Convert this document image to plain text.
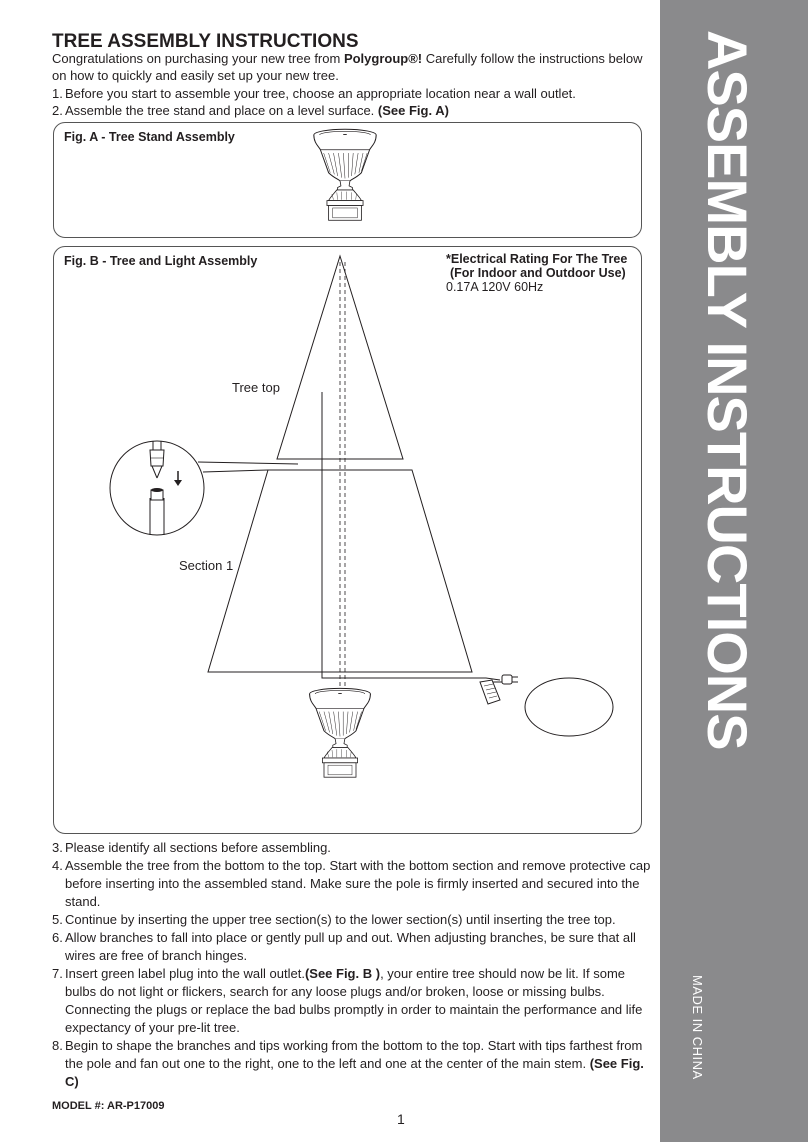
ASSEMBLY INSTRUCTIONS
MADE IN CHINA
TREE ASSEMBLY INSTRUCTIONS
Congratulations on purchasing your new tree from Polygroup®! Carefully follow the instructions below on how to quickly and easily set up your new tree.

1. Before you start to assemble your tree, choose an appropriate location near a wall outlet.

2. Assemble the tree stand and place on a level surface. (See Fig. A)

Fig. A - Tree Stand Assembly
Fig. B - Tree and Light Assembly	*Electrical Rating For The Tree
(For Indoor and Outdoor Use)
0.17A 120V 60Hz
Tree top
Section 1

3. Please identify all sections before assembling.

4. Assemble the tree from the bottom to the top. Start with the bottom section and remove protective cap before inserting into the assembled stand. Make sure the pole is firmly inserted and secured into the stand.

5. Continue by inserting the upper tree section(s) to the lower section(s) until inserting the tree top.

6. Allow branches to fall into place or gently pull up and out. When adjusting branches, be sure that all wires are free of branch hinges.

7. Insert green label plug into the wall outlet.(See Fig. B ), your entire tree should now be lit. If some bulbs do not light or flickers, search for any loose plugs and/or broken, loose or missing bulbs. Connecting the plugs or replace the bad bulbs promptly in order to maintain the performance and life expectancy of your pre-lit tree.

8. Begin to shape the branches and tips working from the bottom to the top. Start with tips farthest from the pole and fan out one to the right, one to the left and one at the center of the main stem. (See Fig. C)

MODEL #: AR-P17009
1
